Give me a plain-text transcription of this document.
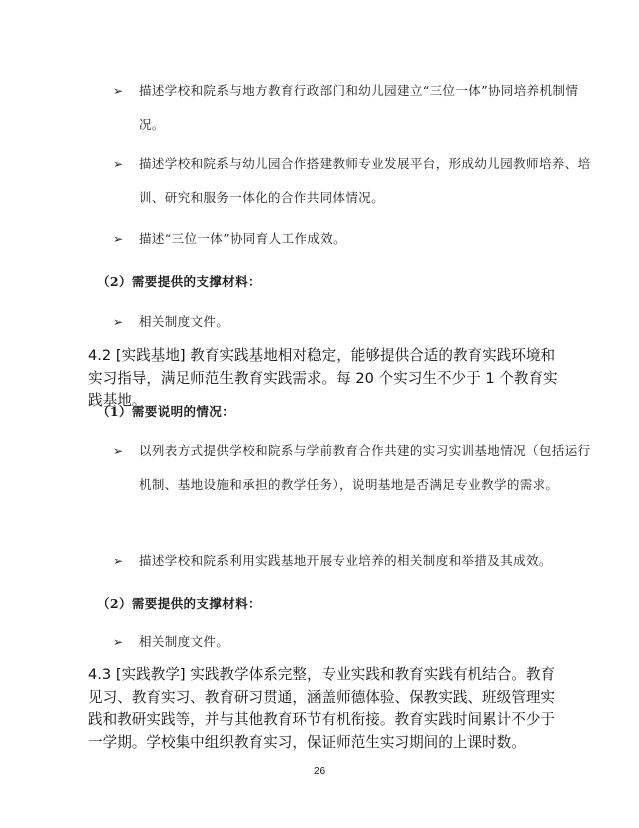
➢	描述学校和院系与地方教育行政部门和幼儿园建立“三位一体”协同培养机制情况。
➢	描述学校和院系与幼儿园合作搭建教师专业发展平台，形成幼儿园教师培养、培训、研究和服务一体化的合作共同体情况。
➢	描述“三位一体”协同育人工作成效。
（2）需要提供的支撑材料：
➢	相关制度文件。
4.2 [实践基地] 教育实践基地相对稳定，能够提供合适的教育实践环境和实习指导，满足师范生教育实践需求。每 20 个实习生不少于 1 个教育实践基地。
（1）需要说明的情况：
➢	以列表方式提供学校和院系与学前教育合作共建的实习实训基地情况（包括运行机制、基地设施和承担的教学任务），说明基地是否满足专业教学的需求。
➢	描述学校和院系利用实践基地开展专业培养的相关制度和举措及其成效。
（2）需要提供的支撑材料：
➢	相关制度文件。
4.3 [实践教学] 实践教学体系完整，专业实践和教育实践有机结合。教育见习、教育实习、教育研习贯通，涵盖师德体验、保教实践、班级管理实践和教研实践等，并与其他教育环节有机衔接。教育实践时间累计不少于一学期。学校集中组织教育实习，保证师范生实习期间的上课时数。
26
